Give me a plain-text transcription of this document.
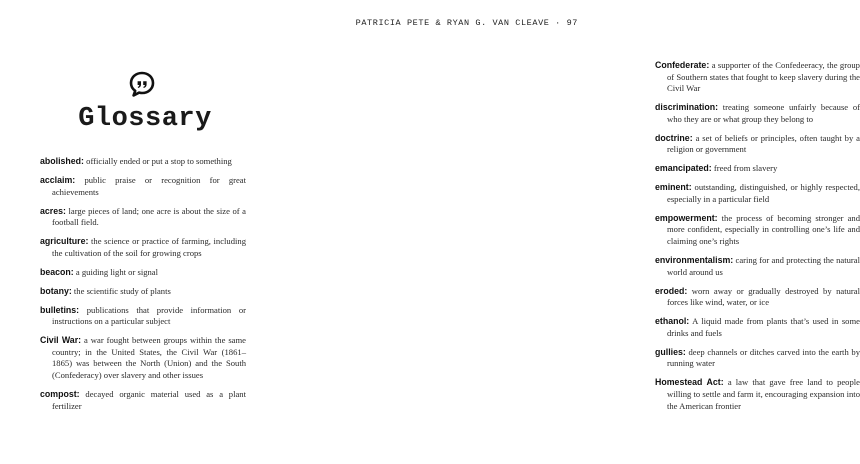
Glossary
abolished: officially ended or put a stop to something
acclaim: public praise or recognition for great achievements
acres: large pieces of land; one acre is about the size of a football field.
agriculture: the science or practice of farming, including the cultivation of the soil for growing crops
beacon: a guiding light or signal
botany: the scientific study of plants
bulletins: publications that provide information or instructions on a particular subject
Civil War: a war fought between groups within the same country; in the United States, the Civil War (1861–1865) was between the North (Union) and the South (Confederacy) over slavery and other issues
compost: decayed organic material used as a plant fertilizer
PATRICIA PETE & RYAN G. VAN CLEAVE · 97
Confederate: a supporter of the Confedeeracy, the group of Southern states that fought to keep slavery during the Civil War
discrimination: treating someone unfairly because of who they are or what group they belong to
doctrine: a set of beliefs or principles, often taught by a religion or government
emancipated: freed from slavery
eminent: outstanding, distinguished, or highly respected, especially in a particular field
empowerment: the process of becoming stronger and more confident, especially in controlling one’s life and claiming one’s rights
environmentalism: caring for and protecting the natural world around us
eroded: worn away or gradually destroyed by natural forces like wind, water, or ice
ethanol: A liquid made from plants that’s used in some drinks and fuels
gullies: deep channels or ditches carved into the earth by running water
Homestead Act: a law that gave free land to people willing to settle and farm it, encouraging expansion into the American frontier
